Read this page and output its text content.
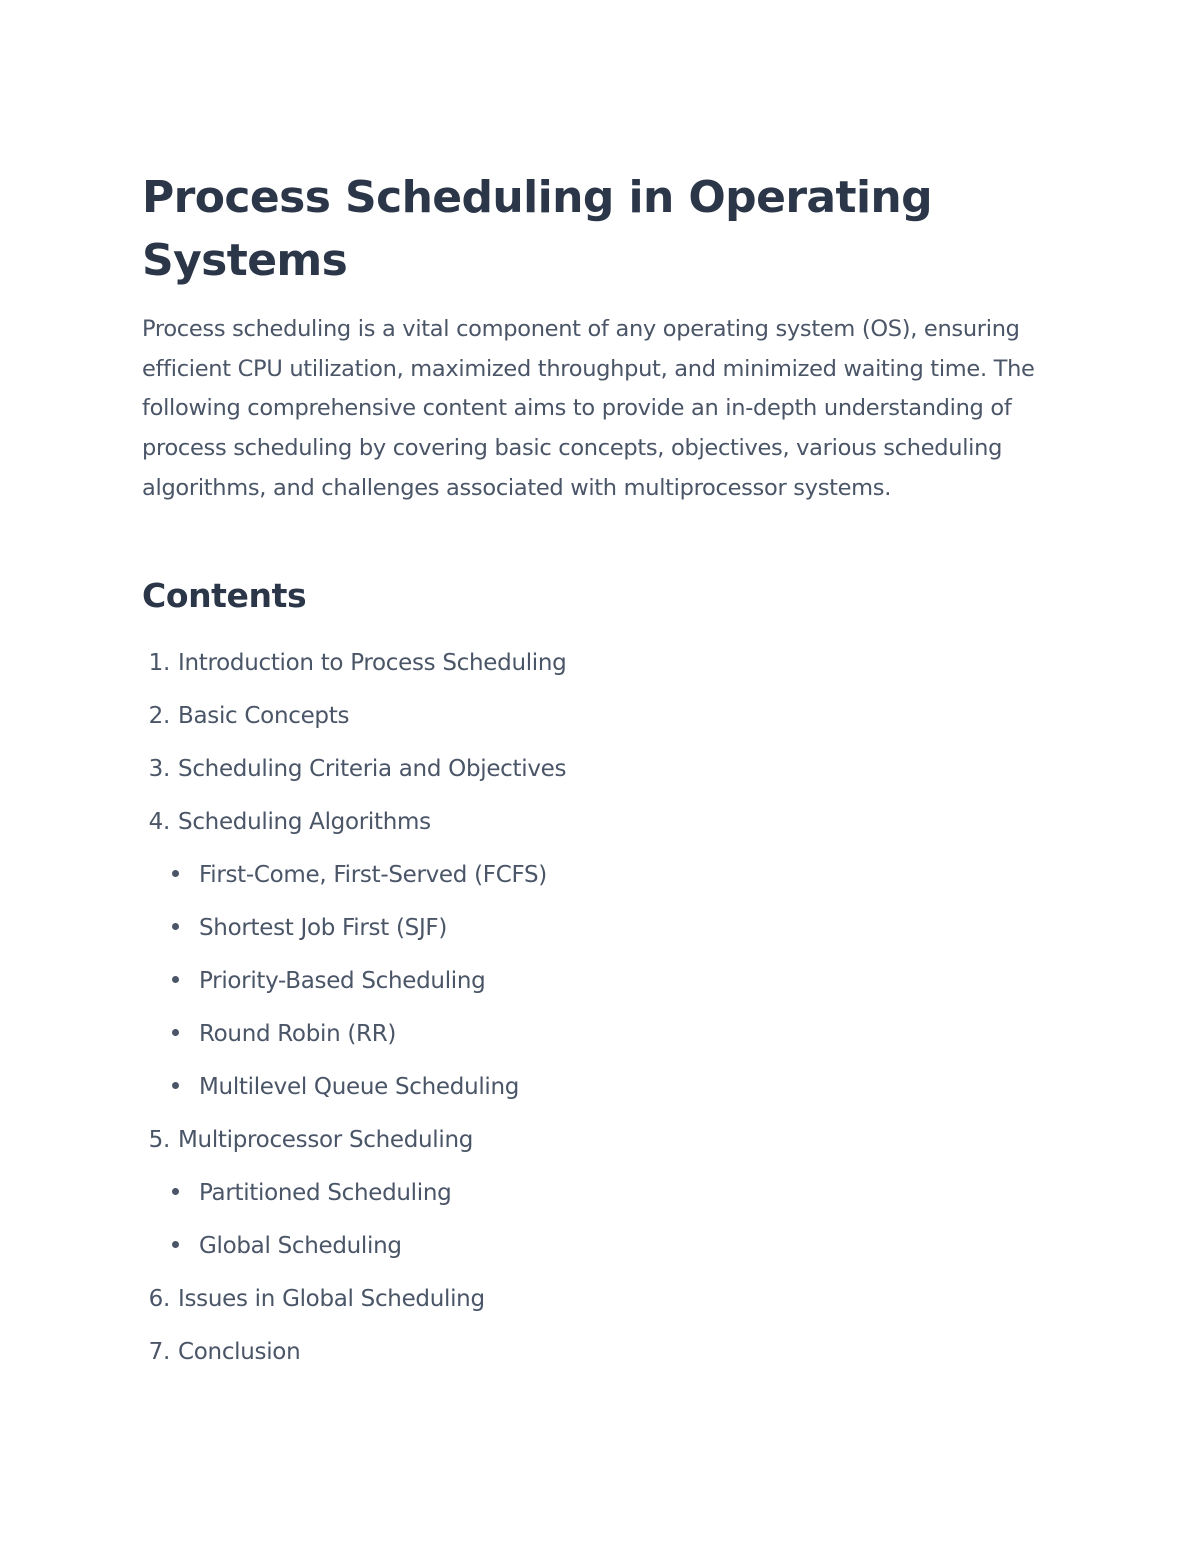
Process Scheduling in Operating Systems

Process scheduling is a vital component of any operating system (OS), ensuring efficient CPU utilization, maximized throughput, and minimized waiting time. The following comprehensive content aims to provide an in-depth understanding of process scheduling by covering basic concepts, objectives, various scheduling algorithms, and challenges associated with multiprocessor systems.

Contents
1. Introduction to Process Scheduling
2. Basic Concepts
3. Scheduling Criteria and Objectives
4. Scheduling Algorithms
First-Come, First-Served (FCFS)
Shortest Job First (SJF)
Priority-Based Scheduling
Round Robin (RR)
Multilevel Queue Scheduling
5. Multiprocessor Scheduling
Partitioned Scheduling
Global Scheduling
6. Issues in Global Scheduling
7. Conclusion
